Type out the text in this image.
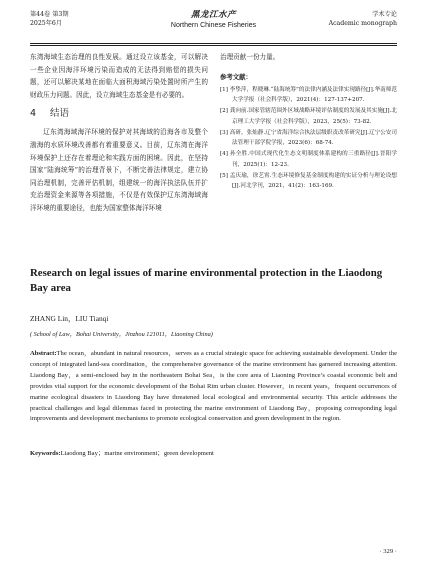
第44卷 第3期
2025年6月
黑龙江水产
Northern Chinese Fisheries
学术专论
Academic monograph

东湾海域生态治理的良性发展。通过设立该基金，可以解决一些企业因海洋环境污染而造成的无法得到赔偿的损失问题，还可以解决某地在面临大面积海域污染处置时所产生的财政压力问题。因此，设立海域生态基金是有必要的。

4 结语

辽东湾海域海洋环境的保护对其海域的沿海各市及整个渤海的水质环境改善都有着重要意义。目前，辽东湾在海洋环境保护上还存在着理论和实践方面的困境。因此，在坚持国家“陆海统筹”的治理背景下，不断完善法律规定，建立协同治理机制，完善评估机制，组建统一的海洋执法队伍并扩充治理资金来源等各项措施，不仅是有效保护辽东湾海域海洋环境的重要途径，也能为国家整体海洋环境

治理贡献一份力量。

参考文献：

[1] 李挚萍，程晓琳.“陆海统筹”的法律内涵及法律实现路径[J].华南师范大学学报（社会科学版），2021(4)：127-137+207.

[2] 龚向前.国家管辖范围外区域战略环境评估制度的发展及其实施[J].北京理工大学学报（社会科学版），2023，25(5)：73-82.

[3] 高研，张灿静.辽宁省海洋综合执法层级职责改革研究[J].辽宁公安司法管理干部学院学报，2023(6)：68-74.

[4] 孙全胜.中国式现代化生态文明制度体系建构的三重路径[J].晋阳学刊，2025(1)：12-23.

[5] 孟庆瑜，徐艺霄.生态环境修复基金制度构建的实证分析与理论设想[J].河北学刊，2021，41(2)：163-169.

Research on legal issues of marine environmental protection in the Liaodong Bay area
ZHANG Lin，LIU Tianqi
( School of Law，Bohai University，Jinzhou 121011，Liaoning China)
Abstract:The ocean，abundant in natural resources，serves as a crucial strategic space for achieving sustainable development. Under the concept of integrated land-sea coordination，the comprehensive governance of the marine environment has garnered increasing attention. Liaodong Bay，a semi-enclosed bay in the northeastern Bohai Sea，is the core area of Liaoning Province’s coastal economic belt and provides vital support for the economic development of the Bohai Rim urban cluster. However，in recent years，frequent occurrences of marine ecological disasters in Liaodong Bay have threatened local ecological and environmental security. This article addresses the practical challenges and legal dilemmas faced in protecting the marine environment of Liaodong Bay，proposing corresponding legal improvements and development mechanisms to promote ecological conservation and green development in the region.
Keywords:Liaodong Bay；marine environment；green development
· 329 ·
